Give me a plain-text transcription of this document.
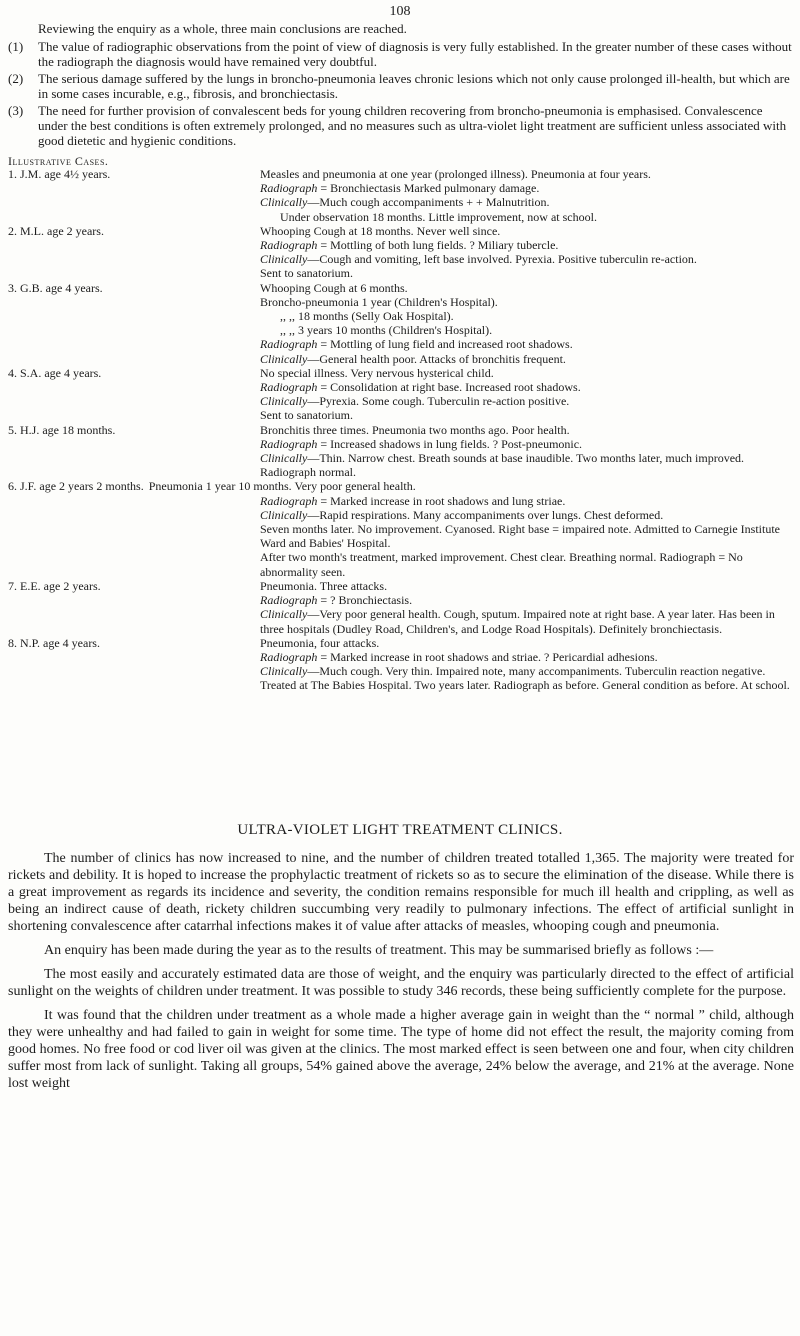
108
Reviewing the enquiry as a whole, three main conclusions are reached.
(1)	The value of radiographic observations from the point of view of diagnosis is very fully established. In the greater number of these cases without the radiograph the diagnosis would have remained very doubtful.
(2)	The serious damage suffered by the lungs in broncho-pneumonia leaves chronic lesions which not only cause prolonged ill-health, but which are in some cases incurable, e.g., fibrosis, and bronchiectasis.
(3)	The need for further provision of convalescent beds for young children recovering from broncho-pneumonia is emphasised. Convalescence under the best conditions is often extremely prolonged, and no measures such as ultra-violet light treatment are sufficient unless associated with good dietetic and hygienic conditions.
Illustrative Cases.
1. J.M. age 4½ years.	Measles and pneumonia at one year (prolonged illness). Pneumonia at four years.
Radiograph = Bronchiectasis Marked pulmonary damage.
Clinically—Much cough accompaniments + + Malnutrition.
Under observation 18 months. Little improvement, now at school.
2. M.L. age 2 years.	Whooping Cough at 18 months. Never well since.
Radiograph = Mottling of both lung fields. ? Miliary tubercle.
Clinically—Cough and vomiting, left base involved. Pyrexia. Positive tuberculin re-action.
Sent to sanatorium.
3. G.B. age 4 years.	Whooping Cough at 6 months.
Broncho-pneumonia 1 year (Children's Hospital).
,, ,, 18 months (Selly Oak Hospital).
,, ,, 3 years 10 months (Children's Hospital).
Radiograph = Mottling of lung field and increased root shadows.
Clinically—General health poor. Attacks of bronchitis frequent.
4. S.A. age 4 years.	No special illness. Very nervous hysterical child.
Radiograph = Consolidation at right base. Increased root shadows.
Clinically—Pyrexia. Some cough. Tuberculin re-action positive.
Sent to sanatorium.
5. H.J. age 18 months.	Bronchitis three times. Pneumonia two months ago. Poor health.
Radiograph = Increased shadows in lung fields. ? Post-pneumonic.
Clinically—Thin. Narrow chest. Breath sounds at base inaudible. Two months later, much improved. Radiograph normal.
6. J.F. age 2 years 2 months. Pneumonia 1 year 10 months. Very poor general health.
Radiograph = Marked increase in root shadows and lung striae.
Clinically—Rapid respirations. Many accompaniments over lungs. Chest deformed.
Seven months later. No improvement. Cyanosed. Right base = impaired note. Admitted to Carnegie Institute Ward and Babies' Hospital.
After two month's treatment, marked improvement. Chest clear. Breathing normal. Radiograph = No abnormality seen.
7. E.E. age 2 years.	Pneumonia. Three attacks.
Radiograph = ? Bronchiectasis.
Clinically—Very poor general health. Cough, sputum. Impaired note at right base. A year later. Has been in three hospitals (Dudley Road, Children's, and Lodge Road Hospitals). Definitely bronchiectasis.
8. N.P. age 4 years.	Pneumonia, four attacks.
Radiograph = Marked increase in root shadows and striae. ? Pericardial adhesions.
Clinically—Much cough. Very thin. Impaired note, many accompaniments. Tuberculin reaction negative. Treated at The Babies Hospital. Two years later. Radiograph as before. General condition as before. At school.
ULTRA-VIOLET LIGHT TREATMENT CLINICS.

The number of clinics has now increased to nine, and the number of children treated totalled 1,365. The majority were treated for rickets and debility. It is hoped to increase the prophylactic treatment of rickets so as to secure the elimination of the disease. While there is a great improvement as regards its incidence and severity, the condition remains responsible for much ill health and crippling, as well as being an indirect cause of death, rickety children succumbing very readily to pulmonary infections. The effect of artificial sunlight in shortening convalescence after catarrhal infections makes it of value after attacks of measles, whooping cough and pneumonia.

An enquiry has been made during the year as to the results of treatment. This may be summarised briefly as follows :—

The most easily and accurately estimated data are those of weight, and the enquiry was particularly directed to the effect of artificial sunlight on the weights of children under treatment. It was possible to study 346 records, these being sufficiently complete for the purpose.

It was found that the children under treatment as a whole made a higher average gain in weight than the “ normal ” child, although they were unhealthy and had failed to gain in weight for some time. The type of home did not effect the result, the majority coming from good homes. No free food or cod liver oil was given at the clinics. The most marked effect is seen between one and four, when city children suffer most from lack of sunlight. Taking all groups, 54% gained above the average, 24% below the average, and 21% at the average. None lost weight
